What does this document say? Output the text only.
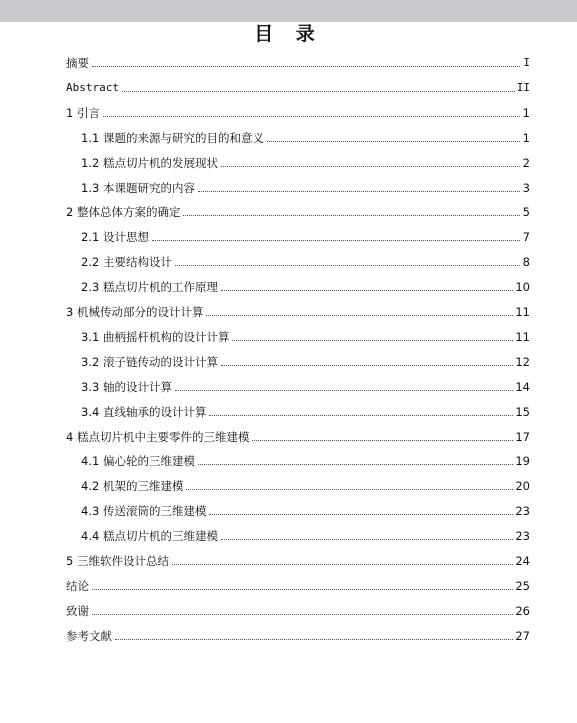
目 录
摘要	I
Abstract	II
1 引言	1
1.1 课题的来源与研究的目的和意义	1
1.2 糕点切片机的发展现状	2
1.3 本课题研究的内容	3
2 整体总体方案的确定	5
2.1 设计思想	7
2.2 主要结构设计	8
2.3 糕点切片机的工作原理	10
3 机械传动部分的设计计算	11
3.1 曲柄摇杆机构的设计计算	11
3.2 滚子链传动的设计计算	12
3.3 轴的设计计算	14
3.4 直线轴承的设计计算	15
4 糕点切片机中主要零件的三维建模	17
4.1 偏心轮的三维建模	19
4.2 机架的三维建模	20
4.3 传送滚筒的三维建模	23
4.4 糕点切片机的三维建模	23
5 三维软件设计总结	24
结论	25
致谢	26
参考文献	27
